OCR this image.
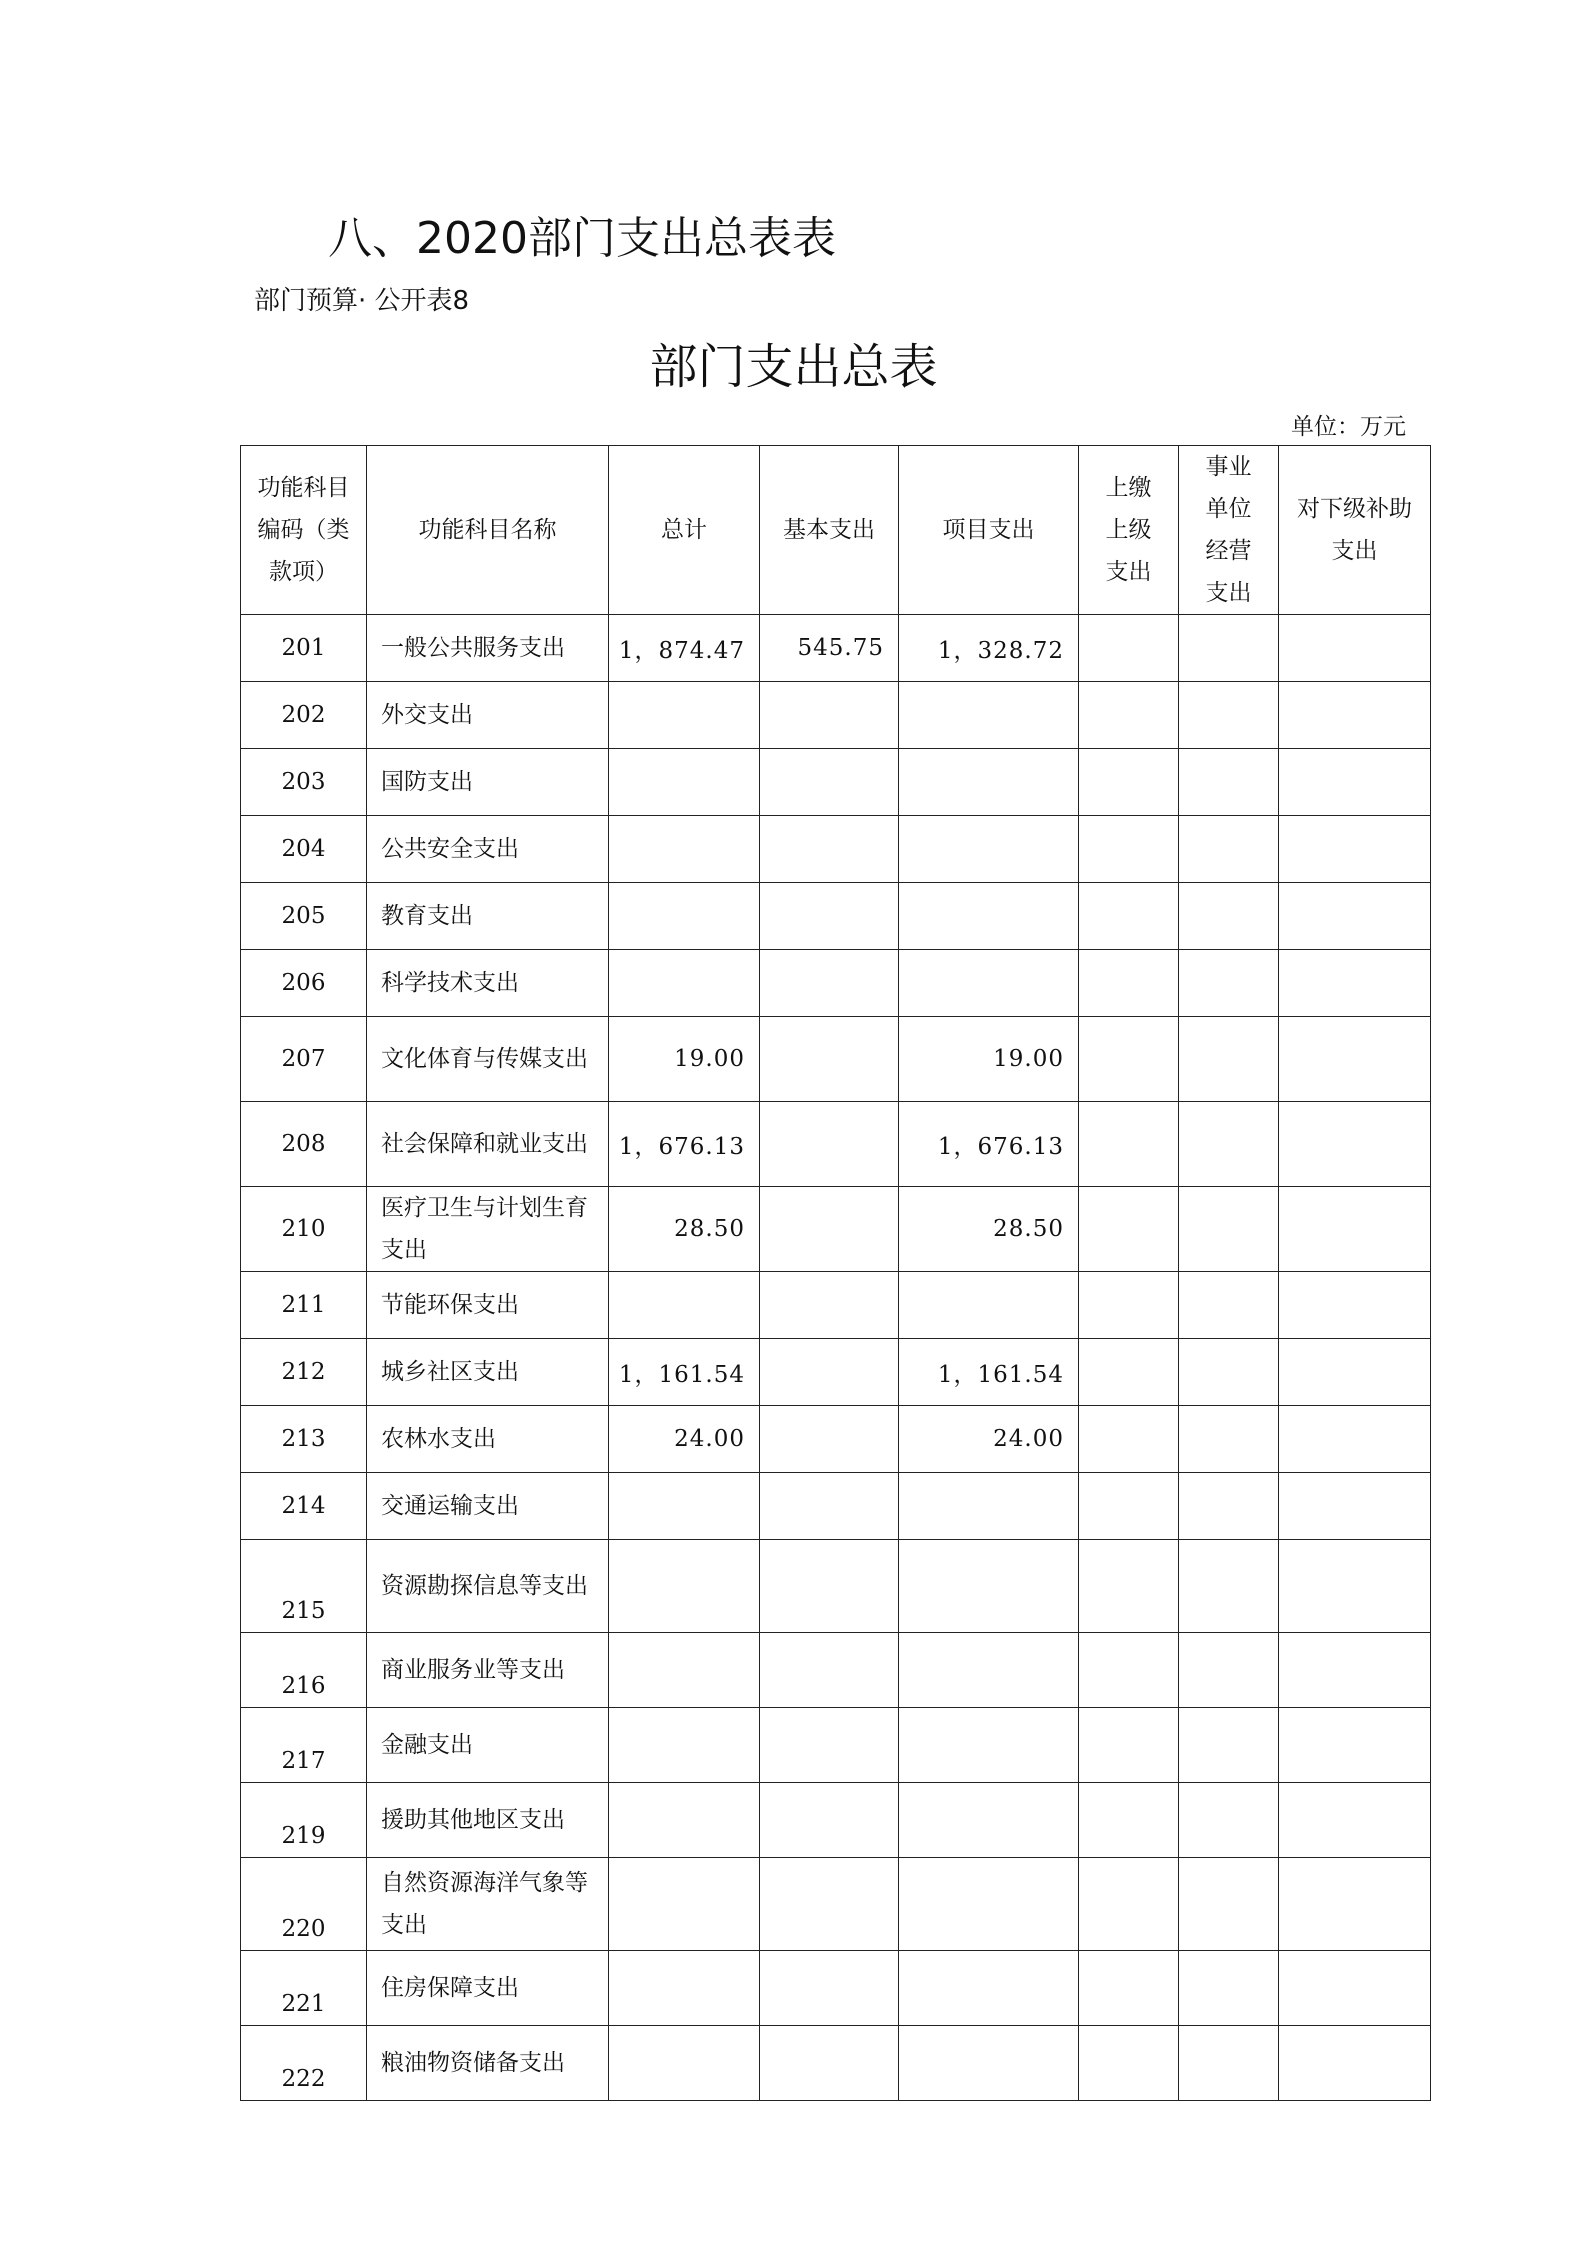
八、2020部门支出总表表
部门预算· 公开表8
部门支出总表
单位：万元
功能科目编码（类款项）	功能科目名称	总计	基本支出	项目支出	上缴上级支出	事业单位经营支出	对下级补助支出
201	一般公共服务支出	1，874.47	545.75	1，328.72			
202	外交支出						
203	国防支出						
204	公共安全支出						
205	教育支出						
206	科学技术支出						
207	文化体育与传媒支出	19.00		19.00			
208	社会保障和就业支出	1，676.13		1，676.13			
210	医疗卫生与计划生育支出	28.50		28.50			
211	节能环保支出						
212	城乡社区支出	1，161.54		1，161.54			
213	农林水支出	24.00		24.00			
214	交通运输支出						
215	资源勘探信息等支出						
216	商业服务业等支出						
217	金融支出						
219	援助其他地区支出						
220	自然资源海洋气象等支出						
221	住房保障支出						
222	粮油物资储备支出						
